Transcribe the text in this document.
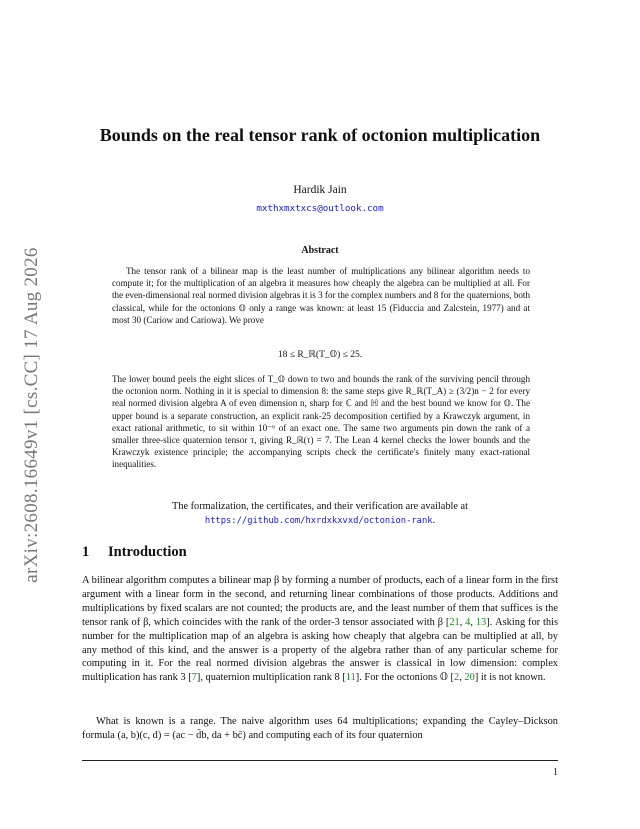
arXiv:2608.16649v1 [cs.CC] 17 Aug 2026
Bounds on the real tensor rank of octonion multiplication

Hardik Jain

mxthxmxtxcs@outlook.com
Abstract

The tensor rank of a bilinear map is the least number of multiplications any bilinear algorithm needs to compute it; for the multiplication of an algebra it measures how cheaply the algebra can be multiplied at all. For the even-dimensional real normed division algebras it is 3 for the complex numbers and 8 for the quaternions, both classical, while for the octonions 𝕆 only a range was known: at least 15 (Fiduccia and Zalcstein, 1977) and at most 30 (Cariow and Cariowa). We prove

18 ≤ R_ℝ(T_𝕆) ≤ 25.

The lower bound peels the eight slices of T_𝕆 down to two and bounds the rank of the surviving pencil through the octonion norm. Nothing in it is special to dimension 8: the same steps give R_ℝ(T_A) ≥ (3/2)n − 2 for every real normed division algebra A of even dimension n, sharp for ℂ and ℍ and the best bound we know for 𝕆. The upper bound is a separate construction, an explicit rank-25 decomposition certified by a Krawczyk argument, in exact rational arithmetic, to sit within 10⁻⁶ of an exact one. The same two arguments pin down the rank of a smaller three-slice quaternion tensor τ, giving R_ℝ(τ) = 7. The Lean 4 kernel checks the lower bounds and the Krawczyk existence principle; the accompanying scripts check the certificate's finitely many exact-rational inequalities.

The formalization, the certificates, and their verification are available at
https://github.com/hxrdxkxvxd/octonion-rank.

1 Introduction

A bilinear algorithm computes a bilinear map β by forming a number of products, each of a linear form in the first argument with a linear form in the second, and returning linear combinations of those products. Additions and multiplications by fixed scalars are not counted; the products are, and the least number of them that suffices is the tensor rank of β, which coincides with the rank of the order-3 tensor associated with β [21, 4, 13]. Asking for this number for the multiplication map of an algebra is asking how cheaply that algebra can be multiplied at all, by any method of this kind, and the answer is a property of the algebra rather than of any particular scheme for computing in it. For the real normed division algebras the answer is classical in low dimension: complex multiplication has rank 3 [7], quaternion multiplication rank 8 [11]. For the octonions 𝕆 [2, 20] it is not known.

What is known is a range. The naive algorithm uses 64 multiplications; expanding the Cayley–Dickson formula (a, b)(c, d) = (ac − d̄b, da + bc̄) and computing each of its four quaternion

1
